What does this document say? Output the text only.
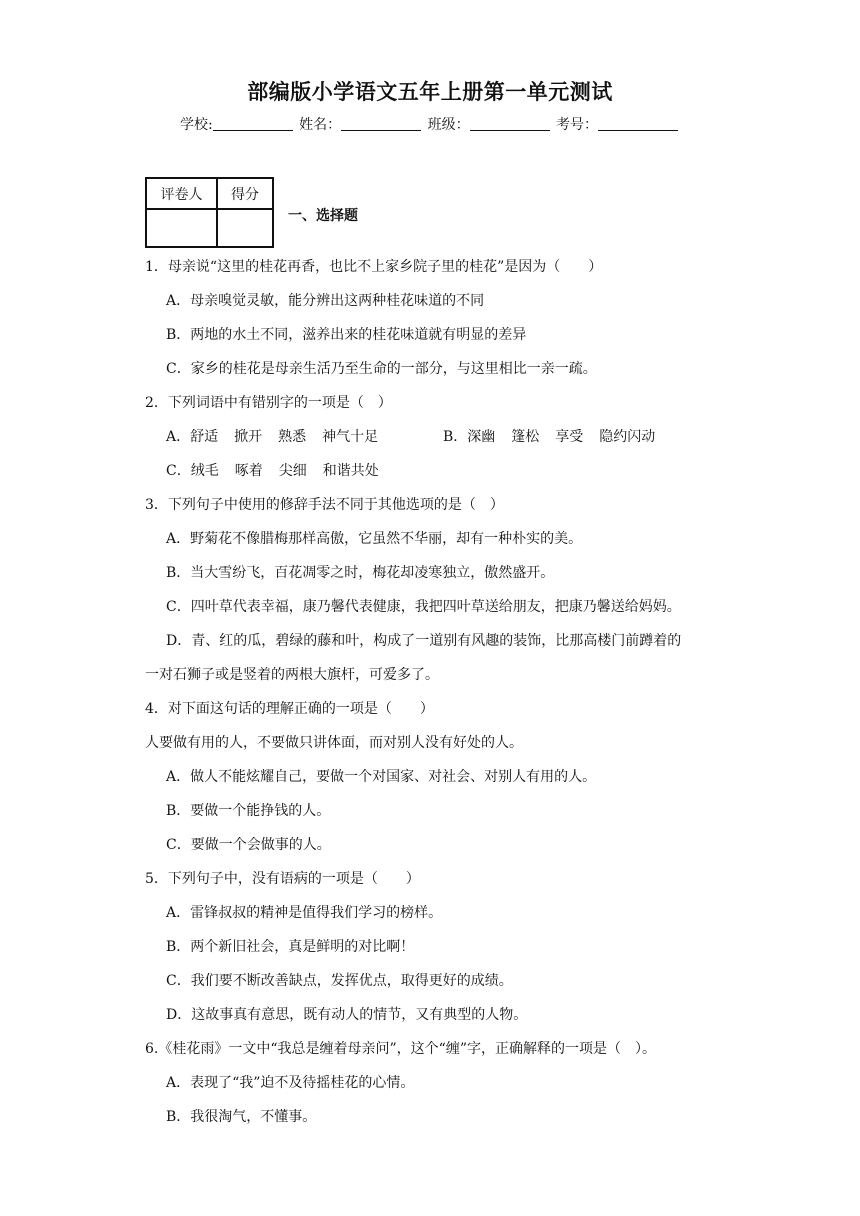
部编版小学语文五年上册第一单元测试
学校:	姓名：	班级：	考号：
评卷人	得分

一、选择题
1．母亲说“这里的桂花再香，也比不上家乡院子里的桂花”是因为（　　）
A．母亲嗅觉灵敏，能分辨出这两种桂花味道的不同
B．两地的水土不同，滋养出来的桂花味道就有明显的差异
C．家乡的桂花是母亲生活乃至生命的一部分，与这里相比一亲一疏。
2．下列词语中有错别字的一项是（　）
A．舒适 掀开 熟悉 神气十足	B．深幽 篷松 享受 隐约闪动
C．绒毛 啄着 尖细 和谐共处
3．下列句子中使用的修辞手法不同于其他选项的是（　）
A．野菊花不像腊梅那样高傲，它虽然不华丽，却有一种朴实的美。
B．当大雪纷飞，百花凋零之时，梅花却凌寒独立，傲然盛开。
C．四叶草代表幸福，康乃馨代表健康，我把四叶草送给朋友，把康乃馨送给妈妈。
D．青、红的瓜，碧绿的藤和叶，构成了一道别有风趣的装饰，比那高楼门前蹲着的
一对石狮子或是竖着的两根大旗杆，可爱多了。
4．对下面这句话的理解正确的一项是（　　）
人要做有用的人，不要做只讲体面，而对别人没有好处的人。
A．做人不能炫耀自己，要做一个对国家、对社会、对别人有用的人。
B．要做一个能挣钱的人。
C．要做一个会做事的人。
5．下列句子中，没有语病的一项是（　　）
A．雷锋叔叔的精神是值得我们学习的榜样。
B．两个新旧社会，真是鲜明的对比啊！
C．我们要不断改善缺点，发挥优点，取得更好的成绩。
D．这故事真有意思，既有动人的情节，又有典型的人物。
6.《桂花雨》一文中“我总是缠着母亲问”，这个“缠”字，正确解释的一项是（　）。
A．表现了“我”迫不及待摇桂花的心情。
B．我很淘气，不懂事。
